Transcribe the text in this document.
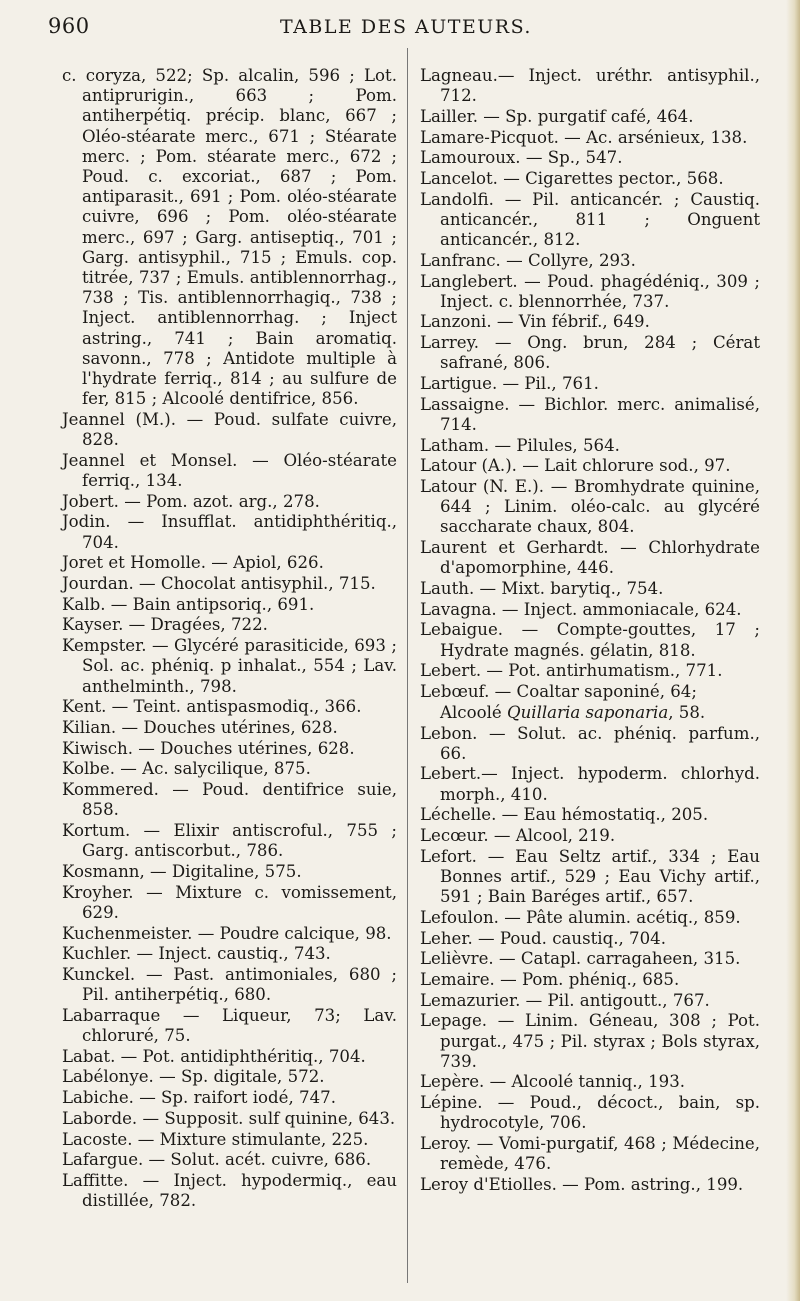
960	TABLE DES AUTEURS.

c. coryza, 522; Sp. alcalin, 596 ; Lot. antiprurigin., 663 ; Pom. antiherpétiq. précip. blanc, 667 ; Oléo-stéarate merc., 671 ; Stéarate merc. ; Pom. stéarate merc., 672 ; Poud. c. excoriat., 687 ; Pom. antiparasit., 691 ; Pom. oléo-stéarate cuivre, 696 ; Pom. oléo-stéarate merc., 697 ; Garg. antiseptiq., 701 ; Garg. antisyphil., 715 ; Emuls. cop. titrée, 737 ; Emuls. antiblennorrhag., 738 ; Tis. antiblennorrhagiq., 738 ; Inject. antiblennorrhag. ; Inject astring., 741 ; Bain aromatiq. savonn., 778 ; Antidote multiple à l'hydrate ferriq., 814 ; au sulfure de fer, 815 ; Alcoolé dentifrice, 856.

Jeannel (M.). — Poud. sulfate cuivre, 828.

Jeannel et Monsel. — Oléo-stéarate ferriq., 134.

Jobert. — Pom. azot. arg., 278.

Jodin. — Insufflat. antidiphthéritiq., 704.

Joret et Homolle. — Apiol, 626.

Jourdan. — Chocolat antisyphil., 715.

Kalb. — Bain antipsoriq., 691.

Kayser. — Dragées, 722.

Kempster. — Glycéré parasiticide, 693 ; Sol. ac. phéniq. p inhalat., 554 ; Lav. anthelminth., 798.

Kent. — Teint. antispasmodiq., 366.

Kilian. — Douches utérines, 628.

Kiwisch. — Douches utérines, 628.

Kolbe. — Ac. salycilique, 875.

Kommered. — Poud. dentifrice suie, 858.

Kortum. — Elixir antiscroful., 755 ; Garg. antiscorbut., 786.

Kosmann, — Digitaline, 575.

Kroyher. — Mixture c. vomissement, 629.

Kuchenmeister. — Poudre calcique, 98.

Kuchler. — Inject. caustiq., 743.

Kunckel. — Past. antimoniales, 680 ; Pil. antiherpétiq., 680.

Labarraque — Liqueur, 73; Lav. chloruré, 75.

Labat. — Pot. antidiphthéritiq., 704.

Labélonye. — Sp. digitale, 572.

Labiche. — Sp. raifort iodé, 747.

Laborde. — Supposit. sulf quinine, 643.

Lacoste. — Mixture stimulante, 225.

Lafargue. — Solut. acét. cuivre, 686.

Laffitte. — Inject. hypodermiq., eau distillée, 782.

Lagneau.— Inject. uréthr. antisyphil., 712.

Lailler. — Sp. purgatif café, 464.

Lamare-Picquot. — Ac. arsénieux, 138.

Lamouroux. — Sp., 547.

Lancelot. — Cigarettes pector., 568.

Landolfi. — Pil. anticancér. ; Caustiq. anticancér., 811 ; Onguent anticancér., 812.

Lanfranc. — Collyre, 293.

Langlebert. — Poud. phagédéniq., 309 ; Inject. c. blennorrhée, 737.

Lanzoni. — Vin fébrif., 649.

Larrey. — Ong. brun, 284 ; Cérat safrané, 806.

Lartigue. — Pil., 761.

Lassaigne. — Bichlor. merc. animalisé, 714.

Latham. — Pilules, 564.

Latour (A.). — Lait chlorure sod., 97.

Latour (N. E.). — Bromhydrate quinine, 644 ; Linim. oléo-calc. au glycéré saccharate chaux, 804.

Laurent et Gerhardt. — Chlorhydrate d'apomorphine, 446.

Lauth. — Mixt. barytiq., 754.

Lavagna. — Inject. ammoniacale, 624.

Lebaigue. — Compte-gouttes, 17 ; Hydrate magnés. gélatin, 818.

Lebert. — Pot. antirhumatism., 771.

Lebœuf. — Coaltar saponiné, 64;

Alcoolé Quillaria saponaria, 58.

Lebon. — Solut. ac. phéniq. parfum., 66.

Lebert.— Inject. hypoderm. chlorhyd. morph., 410.

Léchelle. — Eau hémostatiq., 205.

Lecœur. — Alcool, 219.

Lefort. — Eau Seltz artif., 334 ; Eau Bonnes artif., 529 ; Eau Vichy artif., 591 ; Bain Baréges artif., 657.

Lefoulon. — Pâte alumin. acétiq., 859.

Leher. — Poud. caustiq., 704.

Lelièvre. — Catapl. carragaheen, 315.

Lemaire. — Pom. phéniq., 685.

Lemazurier. — Pil. antigoutt., 767.

Lepage. — Linim. Géneau, 308 ; Pot. purgat., 475 ; Pil. styrax ; Bols styrax, 739.

Lepère. — Alcoolé tanniq., 193.

Lépine. — Poud., décoct., bain, sp. hydrocotyle, 706.

Leroy. — Vomi-purgatif, 468 ; Médecine, remède, 476.

Leroy d'Etiolles. — Pom. astring., 199.
